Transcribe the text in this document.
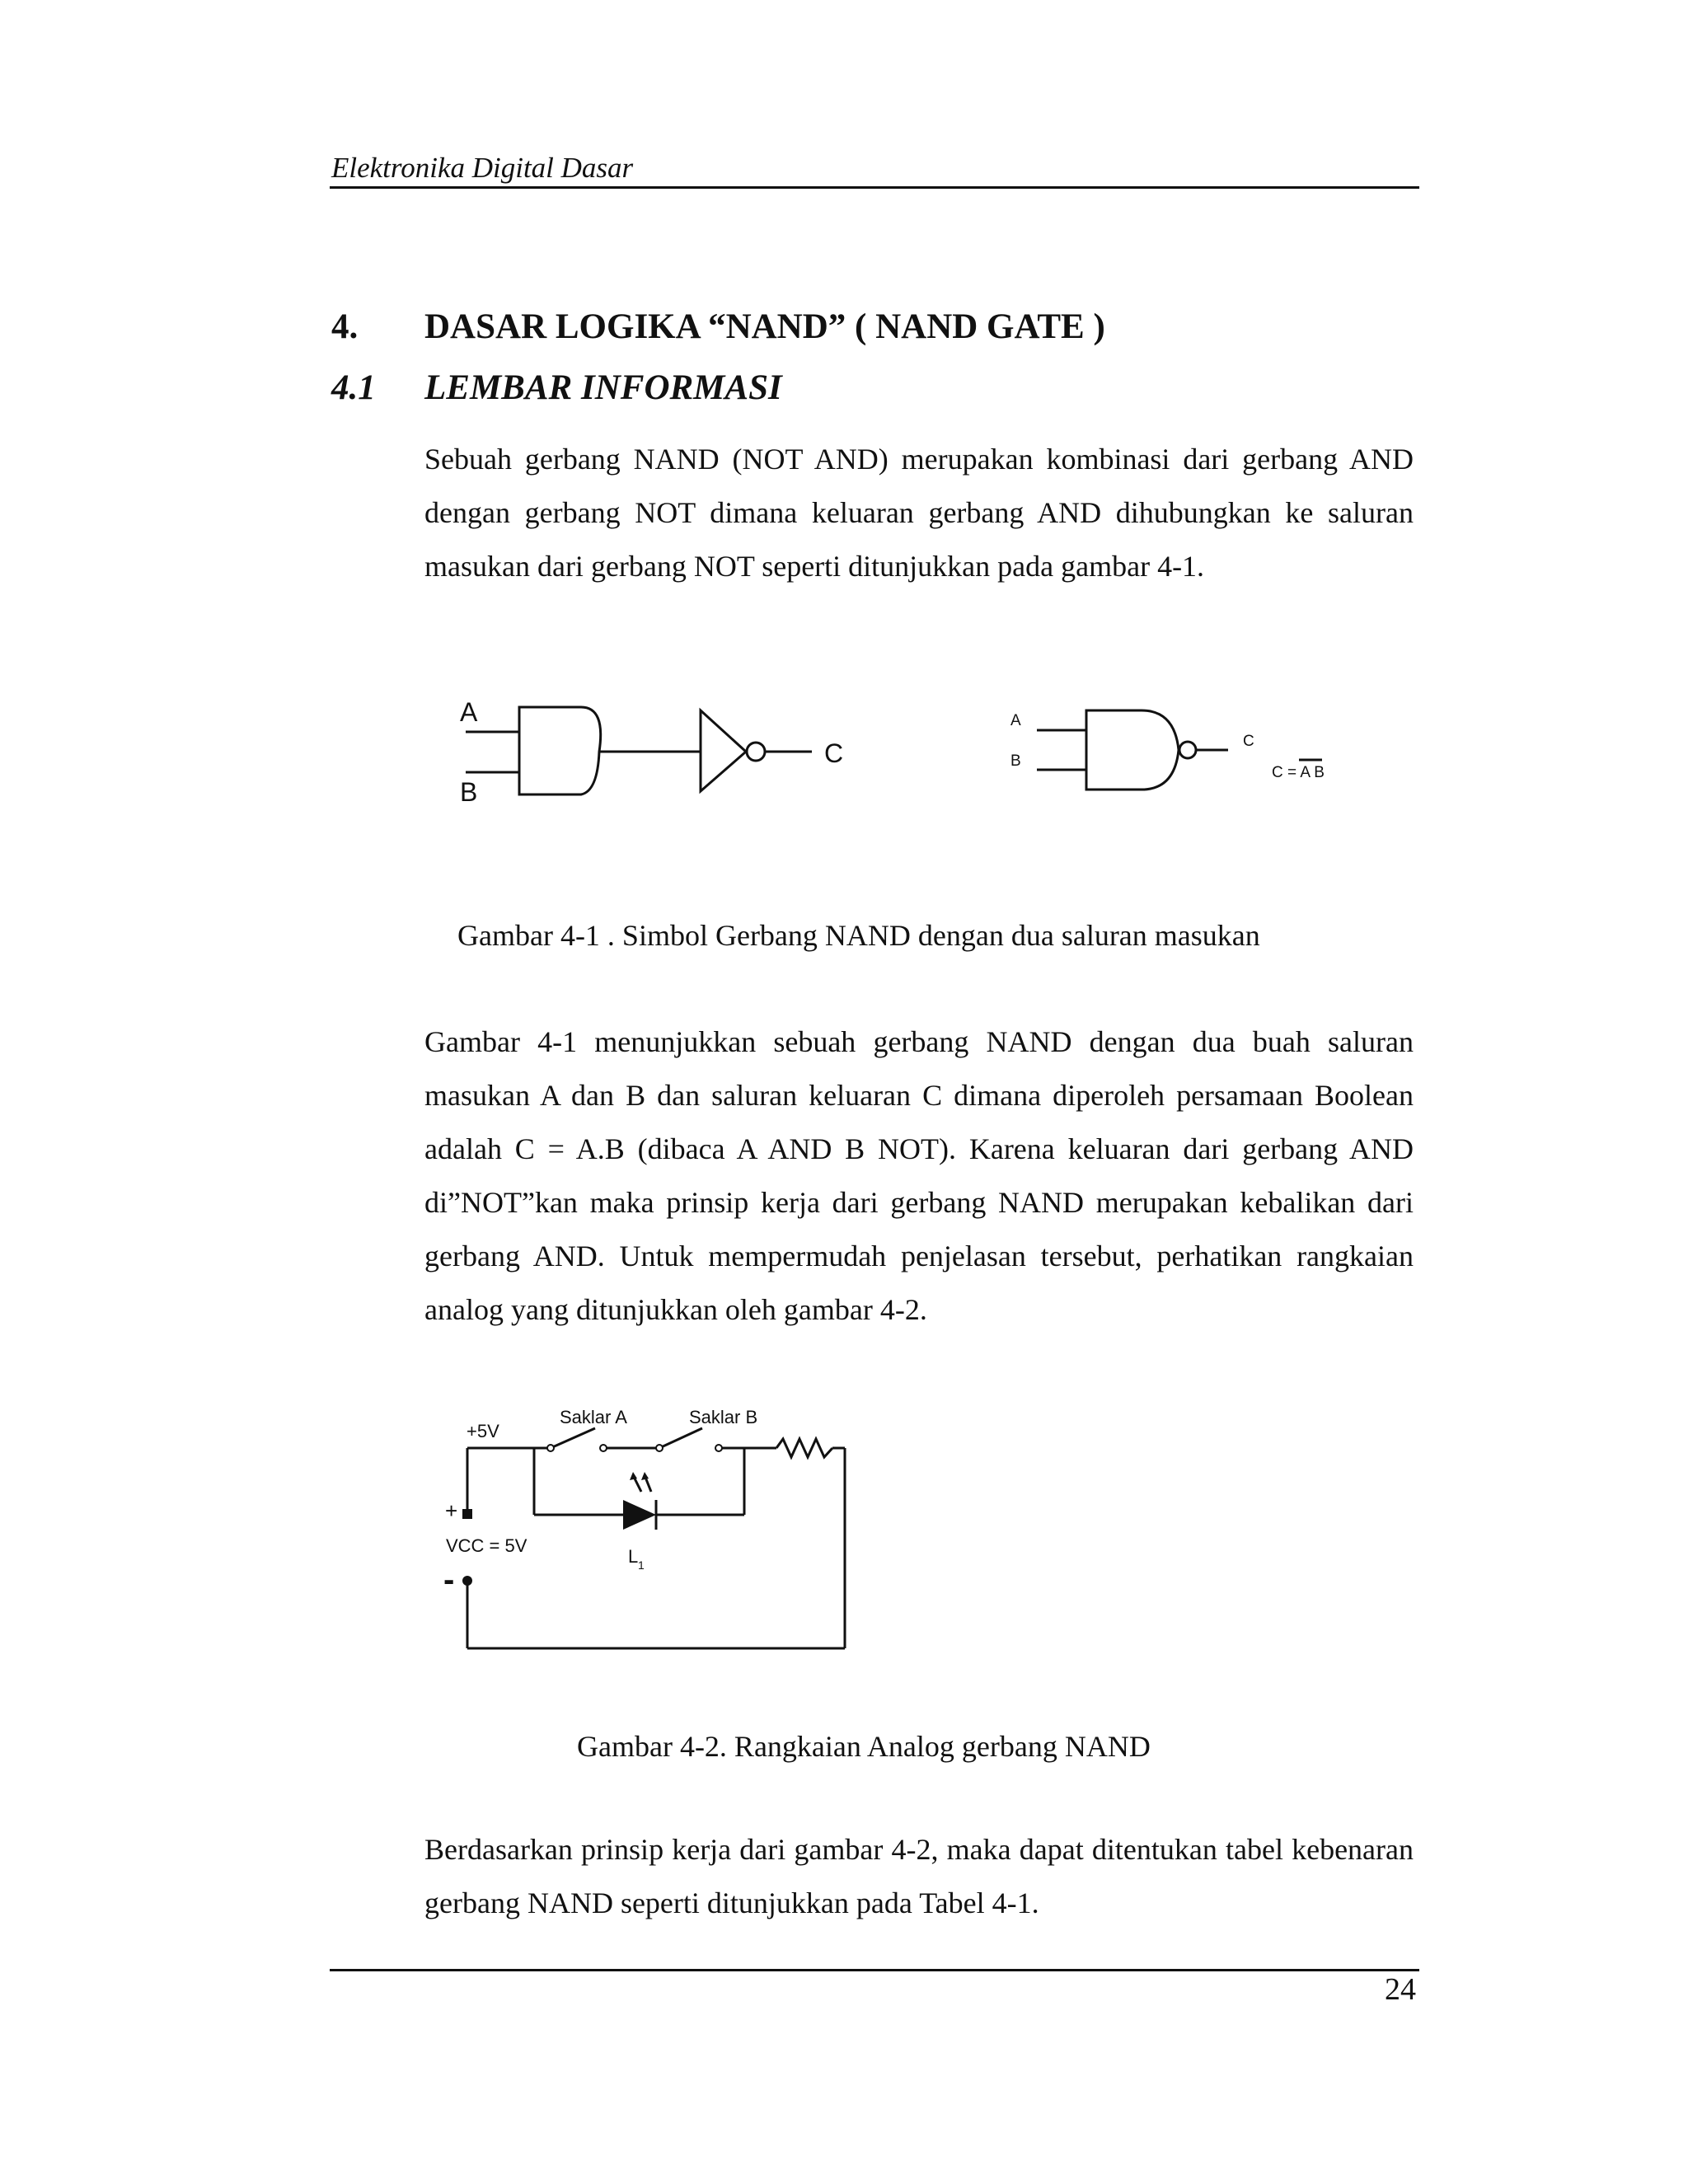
Elektronika Digital Dasar
4. DASAR LOGIKA “NAND” ( NAND GATE )
4.1 LEMBAR INFORMASI

Sebuah gerbang NAND (NOT AND) merupakan kombinasi dari gerbang AND dengan gerbang NOT dimana keluaran gerbang AND dihubungkan ke saluran masukan dari gerbang NOT seperti ditunjukkan pada gambar 4-1.

A
B
C
A
B
C
C = A B
Gambar 4-1 . Simbol Gerbang NAND dengan dua saluran masukan

Gambar 4-1 menunjukkan sebuah gerbang NAND dengan dua buah saluran masukan A dan B dan saluran keluaran C dimana diperoleh persamaan Boolean adalah C = A.B (dibaca A AND B NOT). Karena keluaran dari gerbang AND di”NOT”kan maka prinsip kerja dari gerbang NAND merupakan kebalikan dari gerbang AND. Untuk mempermudah penjelasan tersebut, perhatikan rangkaian analog yang ditunjukkan oleh gambar 4-2.

+5V
Saklar A	Saklar B
+
VCC = 5V
-
L 1
Gambar 4-2. Rangkaian Analog gerbang NAND

Berdasarkan prinsip kerja dari gambar 4-2, maka dapat ditentukan tabel kebenaran gerbang NAND seperti ditunjukkan pada Tabel 4-1.

24
